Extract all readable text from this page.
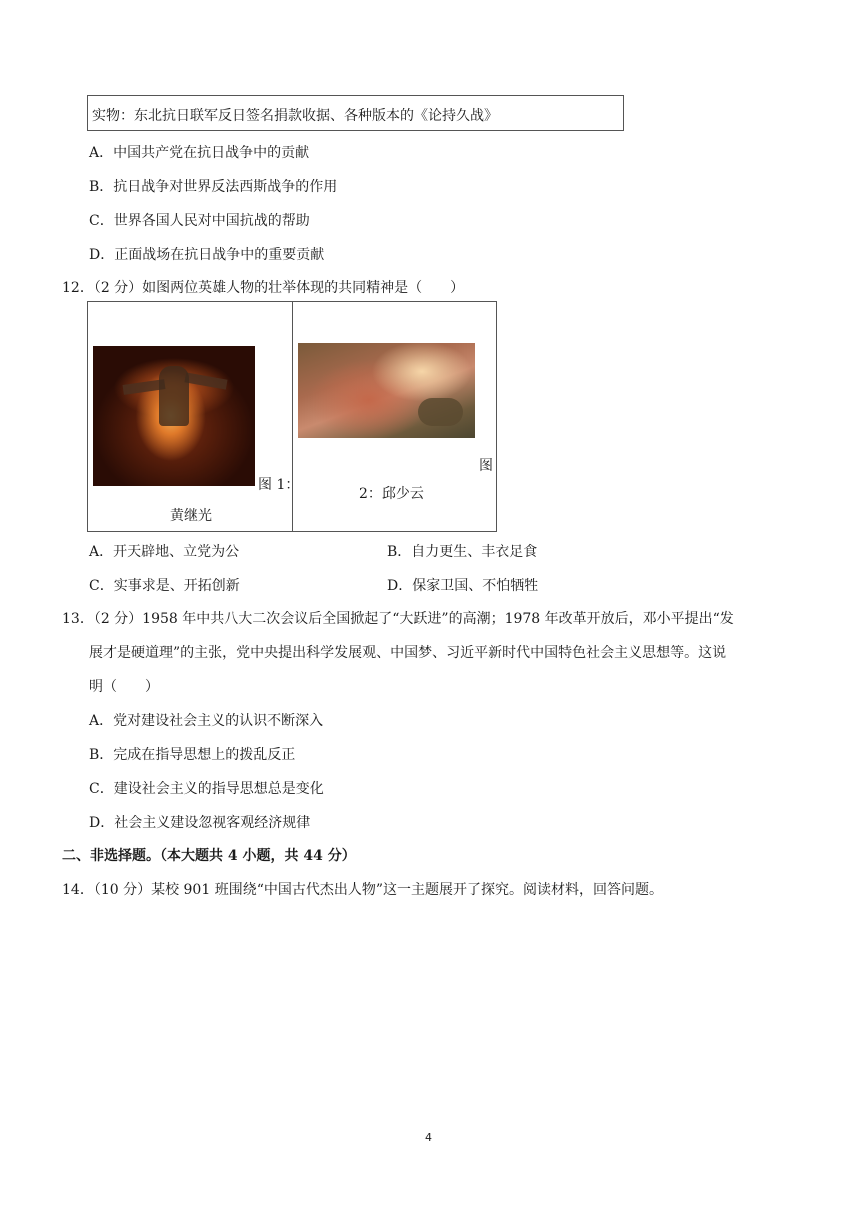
实物：东北抗日联军反日签名捐款收据、各种版本的《论持久战》
A．中国共产党在抗日战争中的贡献
B．抗日战争对世界反法西斯战争的作用
C．世界各国人民对中国抗战的帮助
D．正面战场在抗日战争中的重要贡献
12．（2 分）如图两位英雄人物的壮举体现的共同精神是（　　）
图 1：
黄继光
图
2：邱少云
A．开天辟地、立党为公	B．自力更生、丰衣足食
C．实事求是、开拓创新	D．保家卫国、不怕牺牲
13．（2 分）1958 年中共八大二次会议后全国掀起了“大跃进”的高潮；1978 年改革开放后，邓小平提出“发
展才是硬道理”的主张，党中央提出科学发展观、中国梦、习近平新时代中国特色社会主义思想等。这说
明（　　）
A．党对建设社会主义的认识不断深入
B．完成在指导思想上的拨乱反正
C．建设社会主义的指导思想总是变化
D．社会主义建设忽视客观经济规律
二、非选择题。（本大题共 4 小题，共 44 分）
14．（10 分）某校 901 班围绕“中国古代杰出人物”这一主题展开了探究。阅读材料，回答问题。
4
